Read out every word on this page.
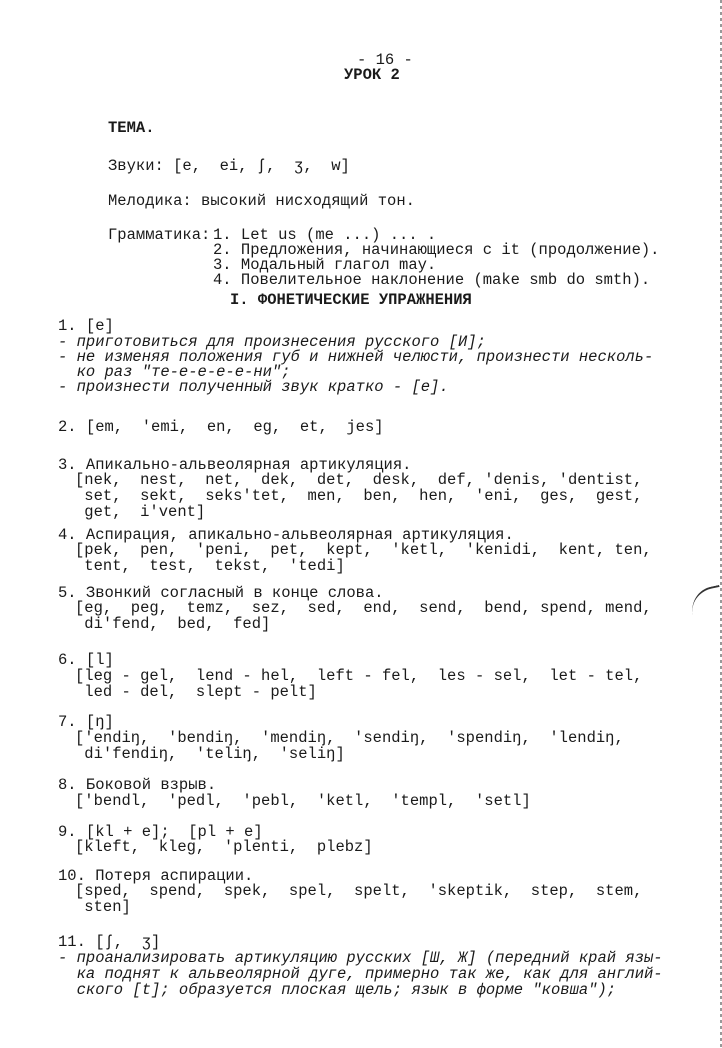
- 16 -
УРОК 2
ТЕМА.
Звуки: [e,  ei, ʃ,  ʒ,  w]
Мелодика: высокий нисходящий тон.
Грамматика: 1. Let us (me ...) ... .
2. Предложения, начинающиеся с it (продолжение).
3. Модальный глагол may.
4. Повелительное наклонение (make smb do smth).
I. ФОНЕТИЧЕСКИЕ УПРАЖНЕНИЯ
1. [e]
- приготовиться для произнесения русского [И];
- не изменяя положения губ и нижней челюсти, произнести несколь-
ко раз "те-е-е-е-е-ни";
- произнести полученный звук кратко - [e].
2. [em,  'emi,  en,  eg,  et,  jes]
3. Апикально-альвеолярная артикуляция.
[nek,  nest,  net,  dek,  det,  desk,  def, 'denis, 'dentist,
set,  sekt,  seks'tet,  men,  ben,  hen,  'eni,  ges,  gest,
get,  i'vent]
4. Аспирация, апикально-альвеолярная артикуляция.
[pek,  pen,  'peni,  pet,  kept,  'ketl,  'kenidi,  kent, ten,
tent,  test,  tekst,  'tedi]
5. Звонкий согласный в конце слова.
[eg,  peg,  temz,  sez,  sed,  end,  send,  bend, spend, mend,
di'fend,  bed,  fed]
6. [l]
[leg - gel,  lend - hel,  left - fel,  les - sel,  let - tel,
led - del,  slept - pelt]
7. [ŋ]
['endiŋ,  'bendiŋ,  'mendiŋ,  'sendiŋ,  'spendiŋ,  'lendiŋ,
di'fendiŋ,  'teliŋ,  'seliŋ]
8. Боковой взрыв.
['bendl,  'pedl,  'pebl,  'ketl,  'templ,  'setl]
9. [kl + e];  [pl + e]
[kleft,  kleg,  'plenti,  plebz]
10. Потеря аспирации.
[sped,  spend,  spek,  spel,  spelt,  'skeptik,  step,  stem,
sten]
11. [ʃ,  ʒ]
- проанализировать артикуляцию русских [Ш, Ж] (передний край язы-
ка поднят к альвеолярной дуге, примерно так же, как для англий-
ского [t]; образуется плоская щель; язык в форме "ковша");
